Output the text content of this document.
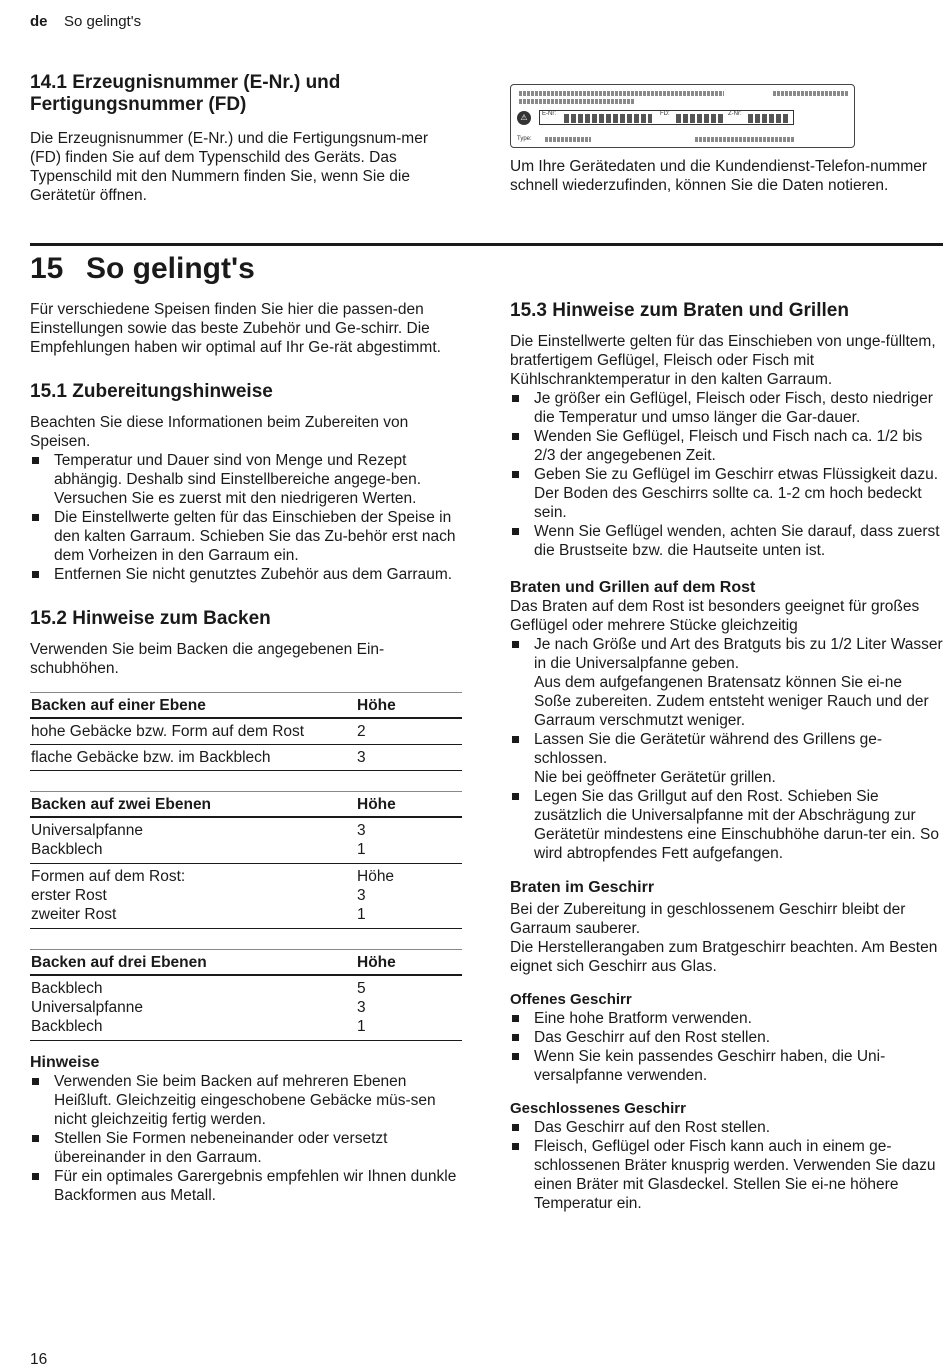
de So gelingt's
14.1 Erzeugnisnummer (E-Nr.) und Fertigungsnummer (FD)

Die Erzeugnisnummer (E-Nr.) und die Fertigungsnum-mer (FD) finden Sie auf dem Typenschild des Geräts. Das Typenschild mit den Nummern finden Sie, wenn Sie die Gerätetür öffnen.

⚠	E-Nr:	FD:	Z-Nr:
Type:

Um Ihre Gerätedaten und die Kundendienst-Telefon-nummer schnell wiederzufinden, können Sie die Daten notieren.

15 So gelingt's

Für verschiedene Speisen finden Sie hier die passen-den Einstellungen sowie das beste Zubehör und Ge-schirr. Die Empfehlungen haben wir optimal auf Ihr Ge-rät abgestimmt.

15.1 Zubereitungshinweise

Beachten Sie diese Informationen beim Zubereiten von Speisen.

Temperatur und Dauer sind von Menge und Rezept abhängig. Deshalb sind Einstellbereiche angege-ben. Versuchen Sie es zuerst mit den niedrigeren Werten.
Die Einstellwerte gelten für das Einschieben der Speise in den kalten Garraum. Schieben Sie das Zu-behör erst nach dem Vorheizen in den Garraum ein.
Entfernen Sie nicht genutztes Zubehör aus dem Garraum.
15.2 Hinweise zum Backen

Verwenden Sie beim Backen die angegebenen Ein-schubhöhen.

Backen auf einer Ebene	Höhe
hohe Gebäcke bzw. Form auf dem Rost	2
flache Gebäcke bzw. im Backblech	3

Backen auf zwei Ebenen	Höhe
Universalpfanne	3
Backblech	1
Formen auf dem Rost:	Höhe
erster Rost	3
zweiter Rost	1

Backen auf drei Ebenen	Höhe
Backblech	5
Universalpfanne	3
Backblech	1
Hinweise
Verwenden Sie beim Backen auf mehreren Ebenen Heißluft. Gleichzeitig eingeschobene Gebäcke müs-sen nicht gleichzeitig fertig werden.
Stellen Sie Formen nebeneinander oder versetzt übereinander in den Garraum.
Für ein optimales Garergebnis empfehlen wir Ihnen dunkle Backformen aus Metall.
15.3 Hinweise zum Braten und Grillen

Die Einstellwerte gelten für das Einschieben von unge-fülltem, bratfertigem Geflügel, Fleisch oder Fisch mit Kühlschranktemperatur in den kalten Garraum.

Je größer ein Geflügel, Fleisch oder Fisch, desto niedriger die Temperatur und umso länger die Gar-dauer.
Wenden Sie Geflügel, Fleisch und Fisch nach ca. 1/2 bis 2/3 der angegebenen Zeit.
Geben Sie zu Geflügel im Geschirr etwas Flüssigkeit dazu. Der Boden des Geschirrs sollte ca. 1-2 cm hoch bedeckt sein.
Wenn Sie Geflügel wenden, achten Sie darauf, dass zuerst die Brustseite bzw. die Hautseite unten ist.
Braten und Grillen auf dem Rost

Das Braten auf dem Rost ist besonders geeignet für großes Geflügel oder mehrere Stücke gleichzeitig

Je nach Größe und Art des Bratguts bis zu 1/2 Liter Wasser in die Universalpfanne geben.
Aus dem aufgefangenen Bratensatz können Sie ei-ne Soße zubereiten. Zudem entsteht weniger Rauch und der Garraum verschmutzt weniger.
Lassen Sie die Gerätetür während des Grillens ge-schlossen.
Nie bei geöffneter Gerätetür grillen.
Legen Sie das Grillgut auf den Rost. Schieben Sie zusätzlich die Universalpfanne mit der Abschrägung zur Gerätetür mindestens eine Einschubhöhe darun-ter ein. So wird abtropfendes Fett aufgefangen.
Braten im Geschirr

Bei der Zubereitung in geschlossenem Geschirr bleibt der Garraum sauberer.

Die Herstellerangaben zum Bratgeschirr beachten. Am Besten eignet sich Geschirr aus Glas.

Offenes Geschirr
Eine hohe Bratform verwenden.
Das Geschirr auf den Rost stellen.
Wenn Sie kein passendes Geschirr haben, die Uni-versalpfanne verwenden.
Geschlossenes Geschirr
Das Geschirr auf den Rost stellen.
Fleisch, Geflügel oder Fisch kann auch in einem ge-schlossenen Bräter knusprig werden. Verwenden Sie dazu einen Bräter mit Glasdeckel. Stellen Sie ei-ne höhere Temperatur ein.
16
